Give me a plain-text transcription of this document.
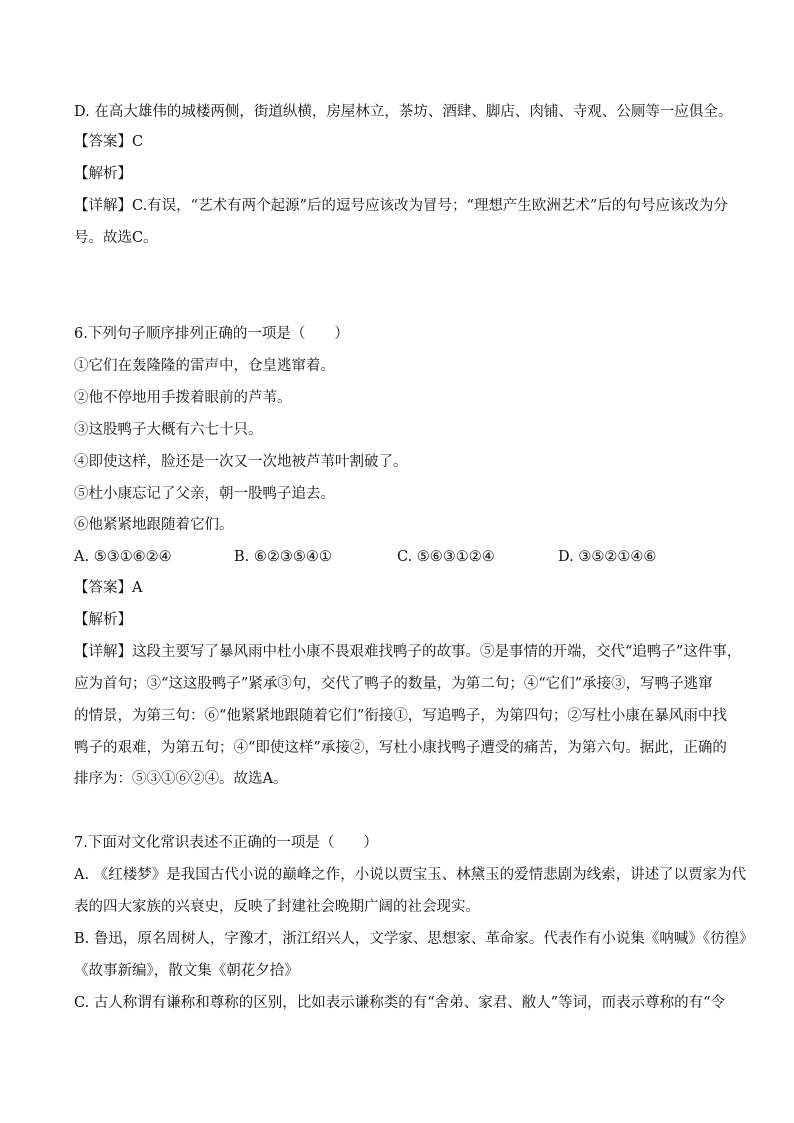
D. 在高大雄伟的城楼两侧，街道纵横，房屋林立，茶坊、酒肆、脚店、肉铺、寺观、公厕等一应俱全。
【答案】C
【解析】
【详解】C.有误，“艺术有两个起源”后的逗号应该改为冒号；“理想产生欧洲艺术”后的句号应该改为分
号。故选C。
6.下列句子顺序排列正确的一项是（　　）
①它们在轰隆隆的雷声中，仓皇逃窜着。
②他不停地用手拨着眼前的芦苇。
③这股鸭子大概有六七十只。
④即使这样，脸还是一次又一次地被芦苇叶割破了。
⑤杜小康忘记了父亲，朝一股鸭子追去。
⑥他紧紧地跟随着它们。
A. ⑤③①⑥②④	B. ⑥②③⑤④①	C. ⑤⑥③①②④	D. ③⑤②①④⑥
【答案】A
【解析】
【详解】这段主要写了暴风雨中杜小康不畏艰难找鸭子的故事。⑤是事情的开端，交代“追鸭子”这件事，
应为首句；③“这这股鸭子”紧承③句，交代了鸭子的数量，为第二句；④“它们”承接③，写鸭子逃窜
的情景，为第三句：⑥“他紧紧地跟随着它们”衔接①，写追鸭子，为第四句；②写杜小康在暴风雨中找
鸭子的艰难，为第五句；④“即使这样”承接②，写杜小康找鸭子遭受的痛苦，为第六句。据此，正确的
排序为：⑤③①⑥②④。故选A。
7.下面对文化常识表述不正确的一项是（　　）
A. 《红楼梦》是我国古代小说的巅峰之作，小说以贾宝玉、林黛玉的爱情悲剧为线索，讲述了以贾家为代
表的四大家族的兴衰史，反映了封建社会晚期广阔的社会现实。
B. 鲁迅，原名周树人，字豫才，浙江绍兴人，文学家、思想家、革命家。代表作有小说集《呐喊》《彷徨》
《故事新编》，散文集《朝花夕拾》
C. 古人称谓有谦称和尊称的区别，比如表示谦称类的有“舍弟、家君、敝人”等词，而表示尊称的有“令
